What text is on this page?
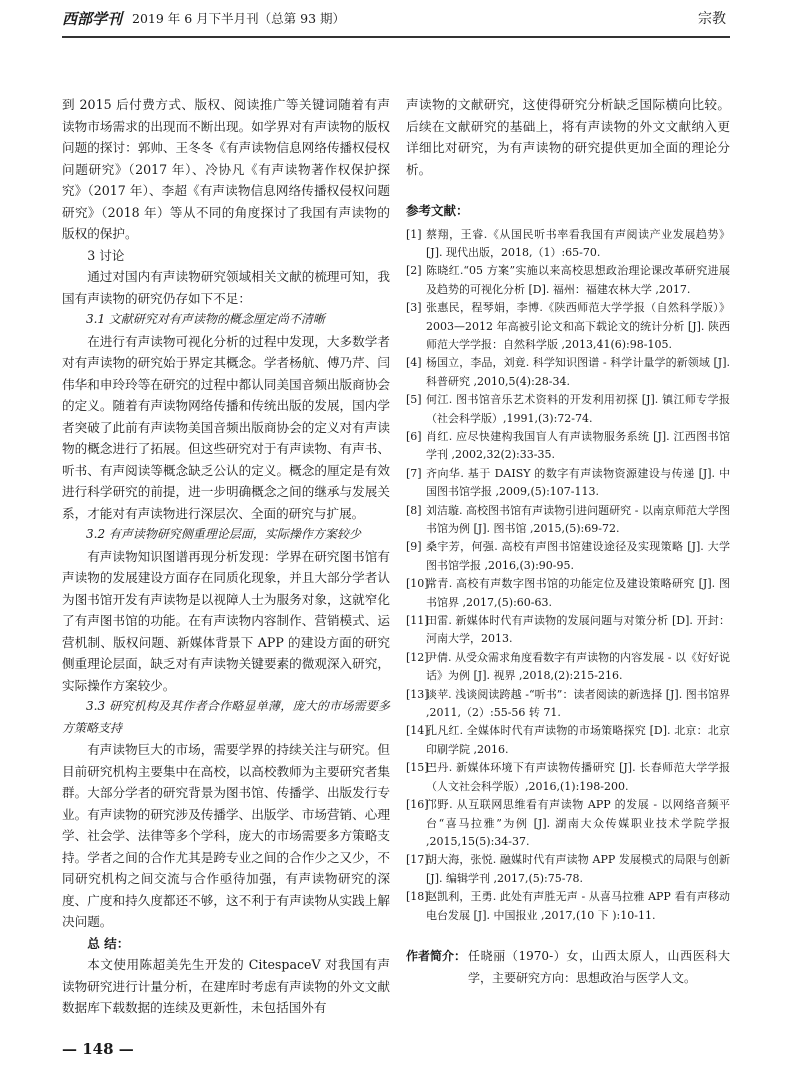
西部学刊 2019 年 6 月下半月刊（总第 93 期）	宗教

到 2015 后付费方式、版权、阅读推广等关键词随着有声读物市场需求的出现而不断出现。如学界对有声读物的版权问题的探讨：郭帅、王冬冬《有声读物信息网络传播权侵权问题研究》（2017 年）、冷协凡《有声读物著作权保护探究》（2017 年）、李超《有声读物信息网络传播权侵权问题研究》（2018 年）等从不同的角度探讨了我国有声读物的版权的保护。

3 讨论

通过对国内有声读物研究领域相关文献的梳理可知，我国有声读物的研究仍存如下不足：

3.1 文献研究对有声读物的概念厘定尚不清晰

在进行有声读物可视化分析的过程中发现，大多数学者对有声读物的研究始于界定其概念。学者杨航、傅乃芹、闫伟华和申玲玲等在研究的过程中都认同美国音频出版商协会的定义。随着有声读物网络传播和传统出版的发展，国内学者突破了此前有声读物美国音频出版商协会的定义对有声读物的概念进行了拓展。但这些研究对于有声读物、有声书、听书、有声阅读等概念缺乏公认的定义。概念的厘定是有效进行科学研究的前提，进一步明确概念之间的继承与发展关系，才能对有声读物进行深层次、全面的研究与扩展。

3.2 有声读物研究侧重理论层面，实际操作方案较少

有声读物知识图谱再现分析发现：学界在研究图书馆有声读物的发展建设方面存在同质化现象，并且大部分学者认为图书馆开发有声读物是以视障人士为服务对象，这就窄化了有声图书馆的功能。在有声读物内容制作、营销模式、运营机制、版权问题、新媒体背景下 APP 的建设方面的研究侧重理论层面，缺乏对有声读物关键要素的微观深入研究，实际操作方案较少。

3.3 研究机构及其作者合作略显单薄，庞大的市场需要多方策略支持

有声读物巨大的市场，需要学界的持续关注与研究。但目前研究机构主要集中在高校，以高校教师为主要研究者集群。大部分学者的研究背景为图书馆、传播学、出版发行专业。有声读物的研究涉及传播学、出版学、市场营销、心理学、社会学、法律等多个学科，庞大的市场需要多方策略支持。学者之间的合作尤其是跨专业之间的合作少之又少，不同研究机构之间交流与合作亟待加强，有声读物研究的深度、广度和持久度都还不够，这不利于有声读物从实践上解决问题。

总 结：

本文使用陈超美先生开发的 CitespaceV 对我国有声读物研究进行计量分析，在建库时考虑有声读物的外文文献数据库下载数据的连续及更新性，未包括国外有

声读物的文献研究，这使得研究分析缺乏国际横向比较。后续在文献研究的基础上，将有声读物的外文文献纳入更详细比对研究，为有声读物的研究提供更加全面的理论分析。

参考文献：
[1] 蔡翔，王睿.《从国民听书率看我国有声阅读产业发展趋势》[J]. 现代出版，2018,（1）:65-70.
[2] 陈晓红.“05 方案”实施以来高校思想政治理论课改革研究进展及趋势的可视化分析 [D]. 福州：福建农林大学 ,2017.
[3] 张惠民，程琴娟，李博.《陕西师范大学学报（自然科学版）》2003—2012 年高被引论文和高下载论文的统计分析 [J]. 陕西师范大学学报：自然科学版 ,2013,41(6):98-105.
[4] 杨国立，李品，刘竟. 科学知识图谱 - 科学计量学的新领域 [J]. 科普研究 ,2010,5(4):28-34.
[5] 何江. 图书馆音乐艺术资料的开发利用初探 [J]. 镇江师专学报（社会科学版）,1991,(3):72-74.
[6] 肖红. 应尽快建构我国盲人有声读物服务系统 [J]. 江西图书馆学刊 ,2002,32(2):33-35.
[7] 齐向华. 基于 DAISY 的数字有声读物资源建设与传递 [J]. 中国图书馆学报 ,2009,(5):107-113.
[8] 刘洁璇. 高校图书馆有声读物引进问题研究 - 以南京师范大学图书馆为例 [J]. 图书馆 ,2015,(5):69-72.
[9] 桑宇芳，何强. 高校有声图书馆建设途径及实现策略 [J]. 大学图书馆学报 ,2016,(3):90-95.
[10]
常青. 高校有声数字图书馆的功能定位及建设策略研究 [J]. 图书馆界 ,2017,(5):60-63.
[11]
田雷. 新媒体时代有声读物的发展问题与对策分析 [D]. 开封：河南大学，2013.
[12]
尹倩. 从受众需求角度看数字有声读物的内容发展 - 以《好好说话》为例 [J]. 视界 ,2018,(2):215-216.
[13]
谈苹. 浅谈阅读跨越 -“听书”：读者阅读的新选择 [J]. 图书馆界 ,2011,（2）:55-56 转 71.
[14]
孔凡红. 全媒体时代有声读物的市场策略探究 [D]. 北京：北京印刷学院 ,2016.
[15]
巴丹. 新媒体环境下有声读物传播研究 [J]. 长春师范大学学报（人文社会科学版）,2016,(1):198-200.
[16]
邝野. 从互联网思维看有声读物 APP 的发展 - 以网络音频平台“喜马拉雅”为例 [J]. 湖南大众传媒职业技术学院学报 ,2015,15(5):34-37.
[17]
胡大海，张悦. 融媒时代有声读物 APP 发展模式的局限与创新 [J]. 编辑学刊 ,2017,(5):75-78.
[18]
赵凯利，王勇. 此处有声胜无声 - 从喜马拉雅 APP 看有声移动电台发展 [J]. 中国报业 ,2017,(10 下 ):10-11.
作者简介： 任晓丽（1970-）女，山西太原人，山西医科大学，主要研究方向：思想政治与医学人文。
— 148 —
